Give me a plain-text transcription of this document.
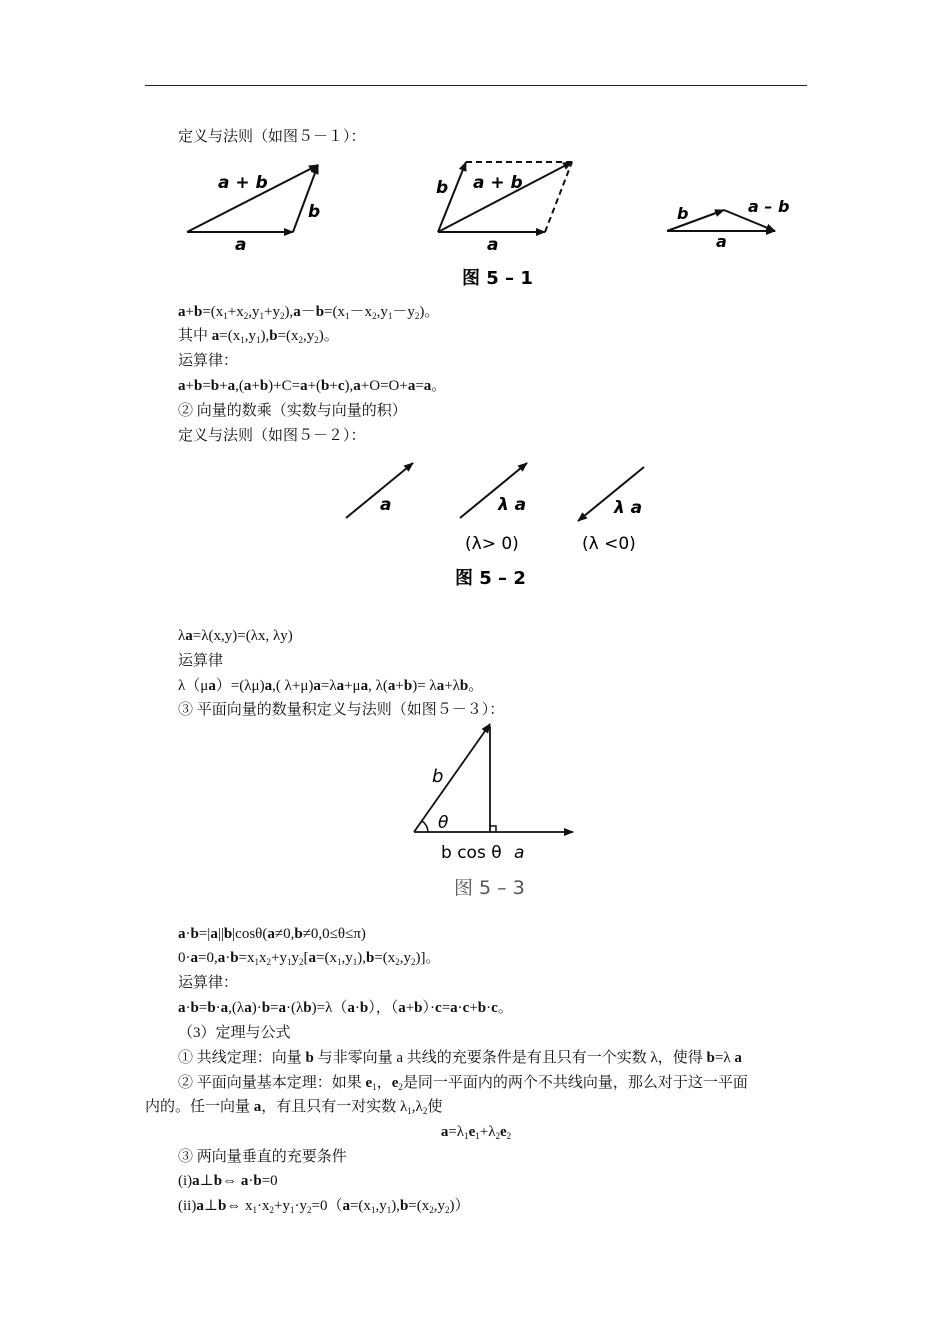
定义与法则（如图５－１）：
a + b
a
b
b a + b
a
b	a – b
a
图 5 – 1
$a+b=(x_1+x_2,y_1+y_2),a-b=(x_1-x_2,y_1-y_2)$。
其中 $a=(x_1,y_1),b=(x_2,y_2)$。
运算律：
a+b=b+a,(a+b)+C=a+(b+c),a+O=O+a=a。
② 向量的数乘（实数与向量的积）
定义与法则（如图５－２）：
a	λ a	λ a
(λ> 0)	(λ <0)
图 5 – 2
λa=λ(x,y)=(λx, λy)
运算律
λ（μa）=(λμ)a,( λ+μ)a=λa+μa, λ(a+b)= λa+λb。
③ 平面向量的数量积定义与法则（如图５－３）：
b
θ
b cos θ a
图 5 – 3
a·b=|a||b|cosθ(a≠0,b≠0,0≤θ≤π)
$0\cdot a=0,a\cdot b=x_1x_2+y_1y_2[a=(x_1,y_1),b=(x_2,y_2)]$。
运算律：
a·b=b·a,(λa)·b=a·(λb)=λ（a·b），（a+b）·c=a·c+b·c。
（3）定理与公式
① 共线定理：向量 b 与非零向量 a 共线的充要条件是有且只有一个实数 λ，使得 b=λ a
② 平面向量基本定理：如果 $e_1$，$e_2$是同一平面内的两个不共线向量，那么对于这一平面
内的。任一向量 a，有且只有一对实数 $\lambda_1,\lambda_2$使
$a=\lambda_1e_1+\lambda_2e_2$
③ 两向量垂直的充要条件
(i)a⊥b⇔ a·b=0
(ii)a⊥b⇔ $x_1\cdot x_2+y_1\cdot y_2=0(a=(x_1,y_1),b=(x_2,y_2))$
